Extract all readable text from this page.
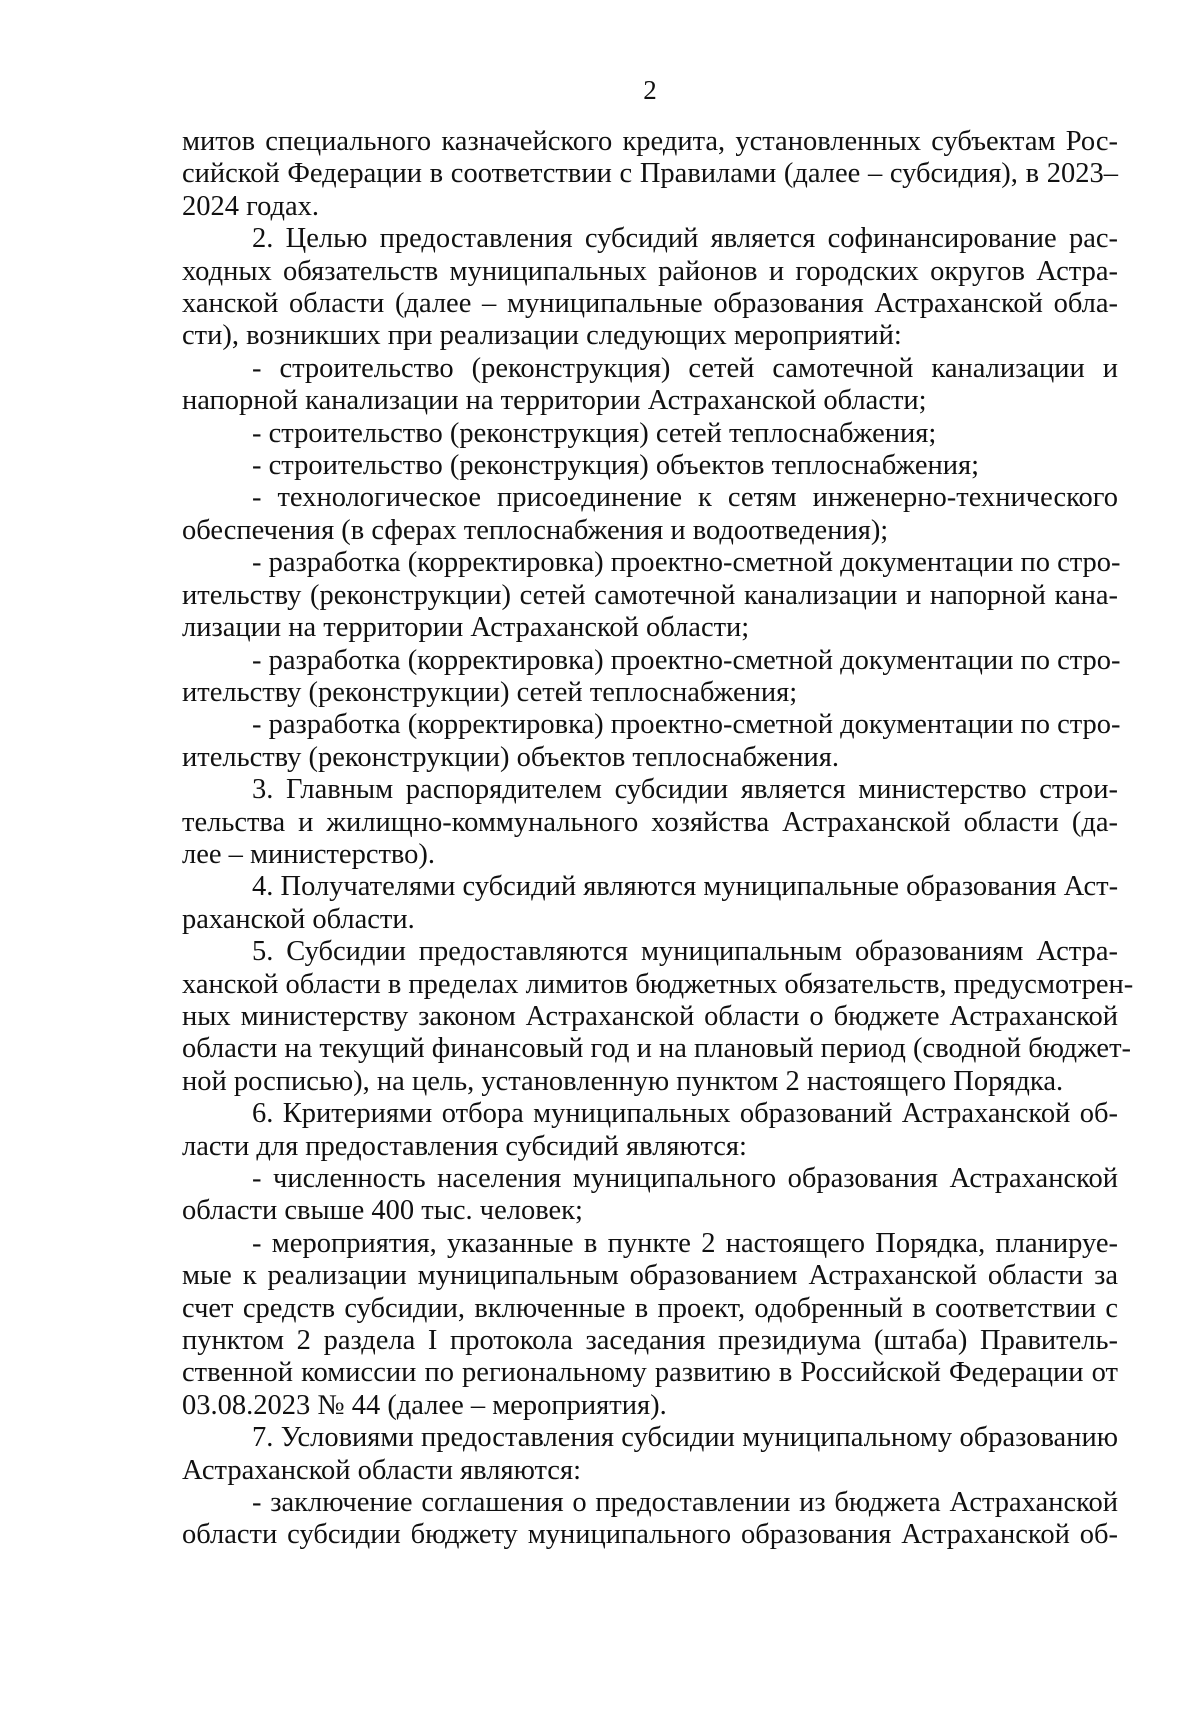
2
митов специального казначейского кредита, установленных субъектам Рос-
сийской Федерации в соответствии с Правилами (далее – субсидия), в 2023–
2024 годах.
2. Целью предоставления субсидий является софинансирование рас-
ходных обязательств муниципальных районов и городских округов Астра-
ханской области (далее – муниципальные образования Астраханской обла-
сти), возникших при реализации следующих мероприятий:
- строительство (реконструкция) сетей самотечной канализации и
напорной канализации на территории Астраханской области;
- строительство (реконструкция) сетей теплоснабжения;
- строительство (реконструкция) объектов теплоснабжения;
- технологическое присоединение к сетям инженерно-технического
обеспечения (в сферах теплоснабжения и водоотведения);
- разработка (корректировка) проектно-сметной документации по стро-
ительству (реконструкции) сетей самотечной канализации и напорной кана-
лизации на территории Астраханской области;
- разработка (корректировка) проектно-сметной документации по стро-
ительству (реконструкции) сетей теплоснабжения;
- разработка (корректировка) проектно-сметной документации по стро-
ительству (реконструкции) объектов теплоснабжения.
3. Главным распорядителем субсидии является министерство строи-
тельства и жилищно-коммунального хозяйства Астраханской области (да-
лее – министерство).
4. Получателями субсидий являются муниципальные образования Аст-
раханской области.
5. Субсидии предоставляются муниципальным образованиям Астра-
ханской области в пределах лимитов бюджетных обязательств, предусмотрен-
ных министерству законом Астраханской области о бюджете Астраханской
области на текущий финансовый год и на плановый период (сводной бюджет-
ной росписью), на цель, установленную пунктом 2 настоящего Порядка.
6. Критериями отбора муниципальных образований Астраханской об-
ласти для предоставления субсидий являются:
- численность населения муниципального образования Астраханской
области свыше 400 тыс. человек;
- мероприятия, указанные в пункте 2 настоящего Порядка, планируе-
мые к реализации муниципальным образованием Астраханской области за
счет средств субсидии, включенные в проект, одобренный в соответствии с
пунктом 2 раздела I протокола заседания президиума (штаба) Правитель-
ственной комиссии по региональному развитию в Российской Федерации от
03.08.2023 № 44 (далее – мероприятия).
7. Условиями предоставления субсидии муниципальному образованию
Астраханской области являются:
- заключение соглашения о предоставлении из бюджета Астраханской
области субсидии бюджету муниципального образования Астраханской об-
